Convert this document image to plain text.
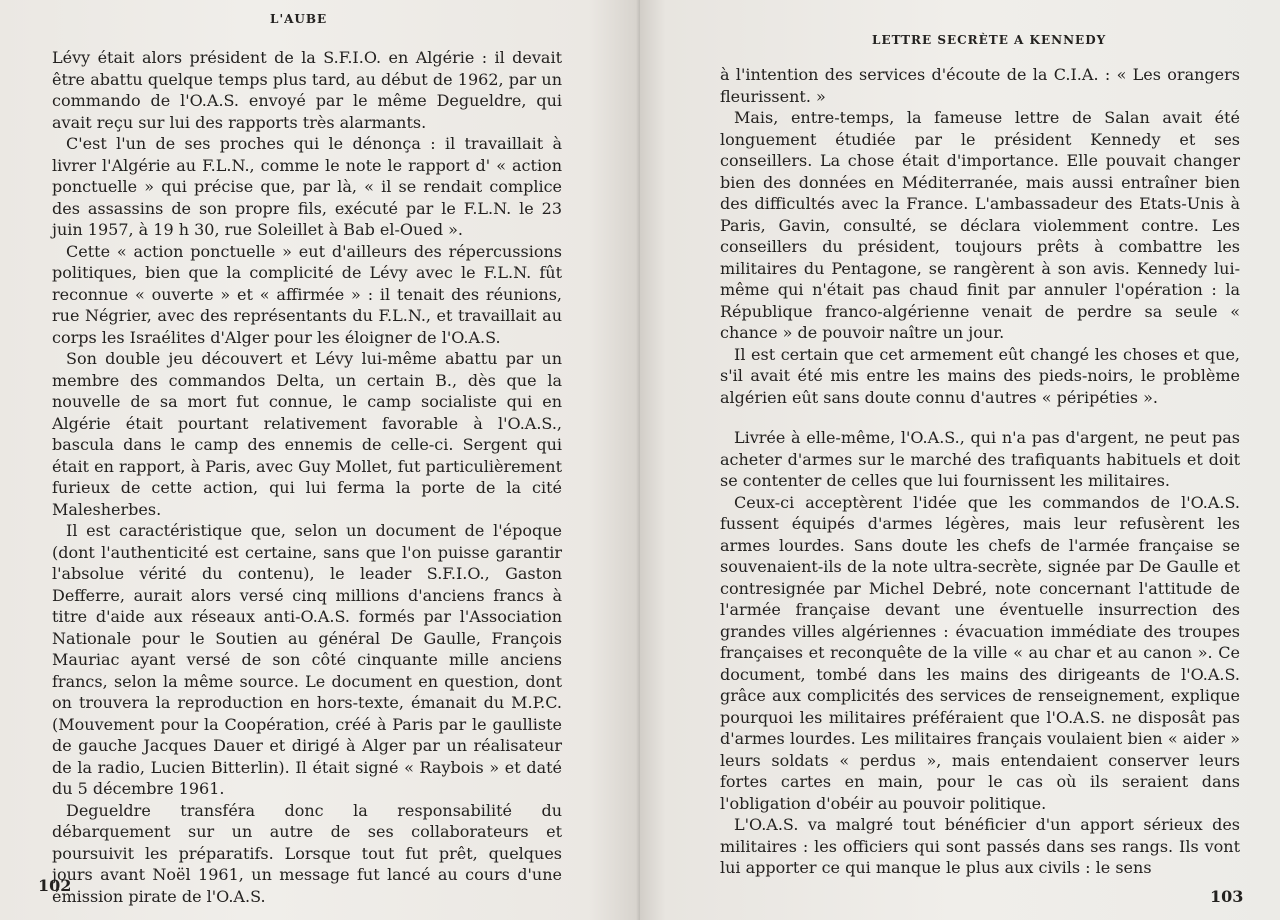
L'AUBE

Lévy était alors président de la S.F.I.O. en Algérie : il devait être abattu quelque temps plus tard, au début de 1962, par un commando de l'O.A.S. envoyé par le même Degueldre, qui avait reçu sur lui des rapports très alarmants.

C'est l'un de ses proches qui le dénonça : il travaillait à livrer l'Algérie au F.L.N., comme le note le rapport d' « action ponctuelle » qui précise que, par là, « il se rendait complice des assassins de son propre fils, exécuté par le F.L.N. le 23 juin 1957, à 19 h 30, rue Soleillet à Bab el-Oued ».

Cette « action ponctuelle » eut d'ailleurs des répercussions politiques, bien que la complicité de Lévy avec le F.L.N. fût reconnue « ouverte » et « affirmée » : il tenait des réunions, rue Négrier, avec des représentants du F.L.N., et travaillait au corps les Israélites d'Alger pour les éloigner de l'O.A.S.

Son double jeu découvert et Lévy lui-même abattu par un membre des commandos Delta, un certain B., dès que la nouvelle de sa mort fut connue, le camp socialiste qui en Algérie était pourtant relativement favorable à l'O.A.S., bascula dans le camp des ennemis de celle-ci. Sergent qui était en rapport, à Paris, avec Guy Mollet, fut particulièrement furieux de cette action, qui lui ferma la porte de la cité Malesherbes.

Il est caractéristique que, selon un document de l'époque (dont l'authenticité est certaine, sans que l'on puisse garantir l'absolue vérité du contenu), le leader S.F.I.O., Gaston Defferre, aurait alors versé cinq millions d'anciens francs à titre d'aide aux réseaux anti-O.A.S. formés par l'Association Nationale pour le Soutien au général De Gaulle, François Mauriac ayant versé de son côté cinquante mille anciens francs, selon la même source. Le document en question, dont on trouvera la reproduction en hors-texte, émanait du M.P.C. (Mouvement pour la Coopération, créé à Paris par le gaulliste de gauche Jacques Dauer et dirigé à Alger par un réalisateur de la radio, Lucien Bitterlin). Il était signé « Raybois » et daté du 5 décembre 1961.

Degueldre transféra donc la responsabilité du débarquement sur un autre de ses collaborateurs et poursuivit les préparatifs. Lorsque tout fut prêt, quelques jours avant Noël 1961, un message fut lancé au cours d'une émission pirate de l'O.A.S.

102
LETTRE SECRÈTE A KENNEDY

à l'intention des services d'écoute de la C.I.A. : « Les orangers fleurissent. »

Mais, entre-temps, la fameuse lettre de Salan avait été longuement étudiée par le président Kennedy et ses conseillers. La chose était d'importance. Elle pouvait changer bien des données en Méditerranée, mais aussi entraîner bien des difficultés avec la France. L'ambassadeur des Etats-Unis à Paris, Gavin, consulté, se déclara violemment contre. Les conseillers du président, toujours prêts à combattre les militaires du Pentagone, se rangèrent à son avis. Kennedy lui-même qui n'était pas chaud finit par annuler l'opération : la République franco-algérienne venait de perdre sa seule « chance » de pouvoir naître un jour.

Il est certain que cet armement eût changé les choses et que, s'il avait été mis entre les mains des pieds-noirs, le problème algérien eût sans doute connu d'autres « péripéties ».

Livrée à elle-même, l'O.A.S., qui n'a pas d'argent, ne peut pas acheter d'armes sur le marché des trafiquants habituels et doit se contenter de celles que lui fournissent les militaires.

Ceux-ci acceptèrent l'idée que les commandos de l'O.A.S. fussent équipés d'armes légères, mais leur refusèrent les armes lourdes. Sans doute les chefs de l'armée française se souvenaient-ils de la note ultra-secrète, signée par De Gaulle et contresignée par Michel Debré, note concernant l'attitude de l'armée française devant une éventuelle insurrection des grandes villes algériennes : évacuation immédiate des troupes françaises et reconquête de la ville « au char et au canon ». Ce document, tombé dans les mains des dirigeants de l'O.A.S. grâce aux complicités des services de renseignement, explique pourquoi les militaires préféraient que l'O.A.S. ne disposât pas d'armes lourdes. Les militaires français voulaient bien « aider » leurs soldats « perdus », mais entendaient conserver leurs fortes cartes en main, pour le cas où ils seraient dans l'obligation d'obéir au pouvoir politique.

L'O.A.S. va malgré tout bénéficier d'un apport sérieux des militaires : les officiers qui sont passés dans ses rangs. Ils vont lui apporter ce qui manque le plus aux civils : le sens

103
